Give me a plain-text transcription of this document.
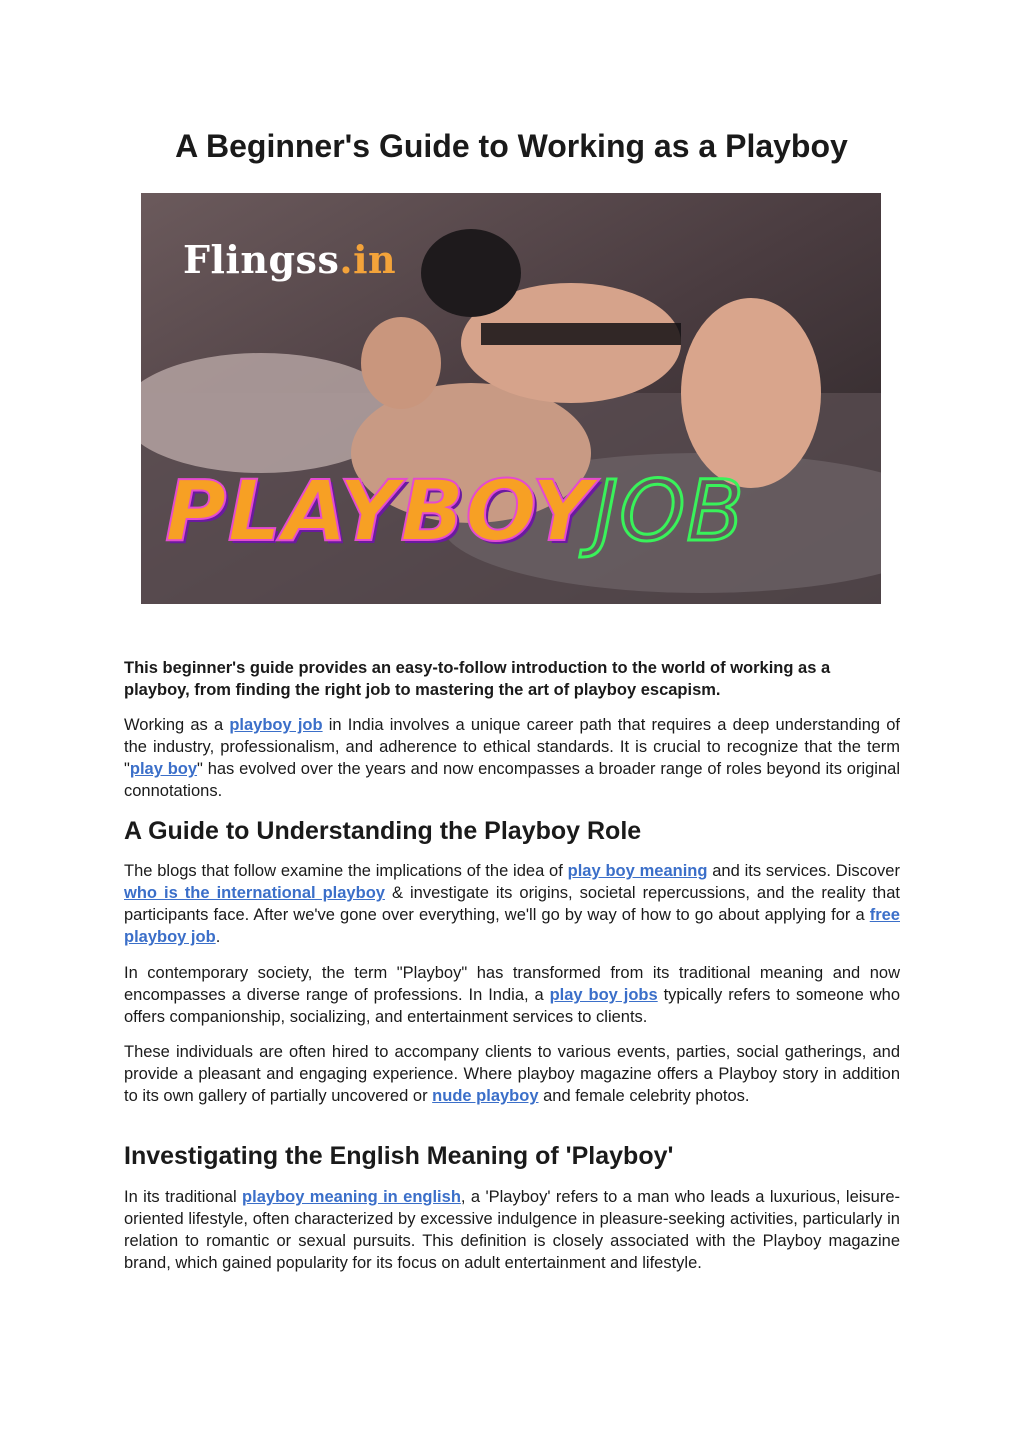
A Beginner's Guide to Working as a Playboy
Flingss.in
PLAYBOYJOB
This beginner's guide provides an easy-to-follow introduction to the world of working as a playboy, from finding the right job to mastering the art of playboy escapism.

Working as a playboy job in India involves a unique career path that requires a deep understanding of the industry, professionalism, and adherence to ethical standards. It is crucial to recognize that the term "play boy" has evolved over the years and now encompasses a broader range of roles beyond its original connotations.

A Guide to Understanding the Playboy Role

The blogs that follow examine the implications of the idea of play boy meaning and its services. Discover who is the international playboy & investigate its origins, societal repercussions, and the reality that participants face. After we've gone over everything, we'll go by way of how to go about applying for a free playboy job.

In contemporary society, the term "Playboy" has transformed from its traditional meaning and now encompasses a diverse range of professions. In India, a play boy jobs typically refers to someone who offers companionship, socializing, and entertainment services to clients.

These individuals are often hired to accompany clients to various events, parties, social gatherings, and provide a pleasant and engaging experience. Where playboy magazine offers a Playboy story in addition to its own gallery of partially uncovered or nude playboy and female celebrity photos.

Investigating the English Meaning of 'Playboy'

In its traditional playboy meaning in english, a 'Playboy' refers to a man who leads a luxurious, leisure-oriented lifestyle, often characterized by excessive indulgence in pleasure-seeking activities, particularly in relation to romantic or sexual pursuits. This definition is closely associated with the Playboy magazine brand, which gained popularity for its focus on adult entertainment and lifestyle.
